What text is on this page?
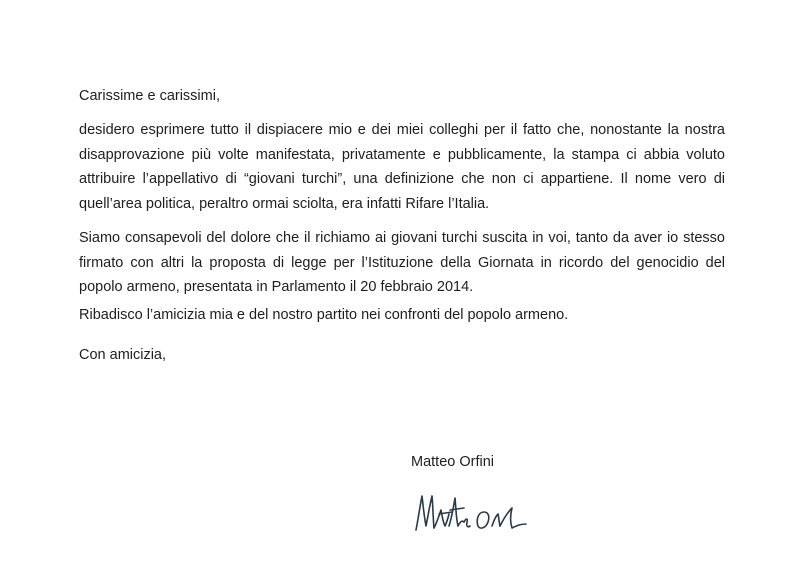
Carissime e carissimi,

desidero esprimere tutto il dispiacere mio e dei miei colleghi per il fatto che, nonostante la nostra disapprovazione più volte manifestata, privatamente e pubblicamente, la stampa ci abbia voluto attribuire l’appellativo di “giovani turchi”, una definizione che non ci appartiene. Il nome vero di quell’area politica, peraltro ormai sciolta, era infatti Rifare l’Italia.

Siamo consapevoli del dolore che il richiamo ai giovani turchi suscita in voi, tanto da aver io stesso firmato con altri la proposta di legge per l’Istituzione della Giornata in ricordo del genocidio del popolo armeno, presentata in Parlamento il 20 febbraio 2014.

Ribadisco l’amicizia mia e del nostro partito nei confronti del popolo armeno.

Con amicizia,

Matteo Orfini
